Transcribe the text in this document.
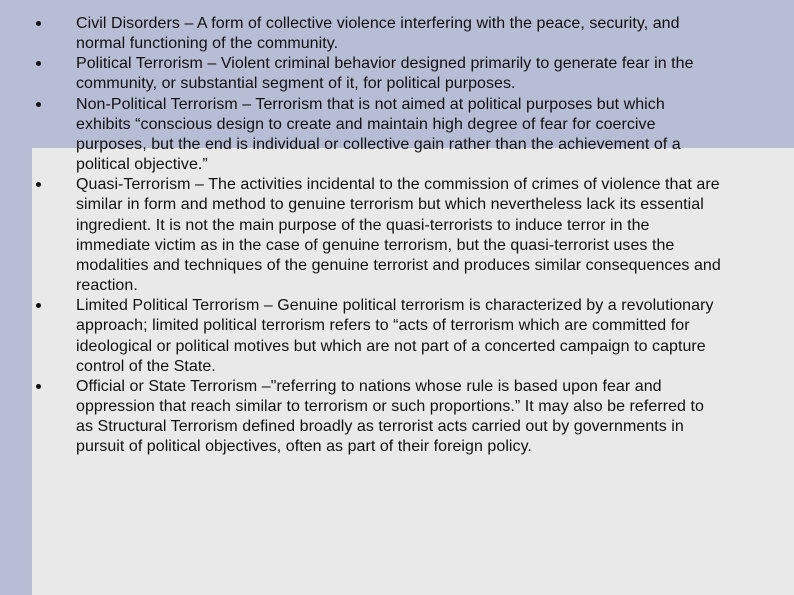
Civil Disorders – A form of collective violence interfering with the peace, security, and normal functioning of the community.
Political Terrorism – Violent criminal behavior designed primarily to generate fear in the community, or substantial segment of it, for political purposes.
Non-Political Terrorism – Terrorism that is not aimed at political purposes but which exhibits “conscious design to create and maintain high degree of fear for coercive purposes, but the end is individual or collective gain rather than the achievement of a political objective.”
Quasi-Terrorism – The activities incidental to the commission of crimes of violence that are similar in form and method to genuine terrorism but which nevertheless lack its essential ingredient. It is not the main purpose of the quasi-terrorists to induce terror in the immediate victim as in the case of genuine terrorism, but the quasi-terrorist uses the modalities and techniques of the genuine terrorist and produces similar consequences and reaction.
Limited Political Terrorism – Genuine political terrorism is characterized by a revolutionary approach; limited political terrorism refers to “acts of terrorism which are committed for ideological or political motives but which are not part of a concerted campaign to capture control of the State.
Official or State Terrorism –"referring to nations whose rule is based upon fear and oppression that reach similar to terrorism or such proportions.” It may also be referred to as Structural Terrorism defined broadly as terrorist acts carried out by governments in pursuit of political objectives, often as part of their foreign policy.
